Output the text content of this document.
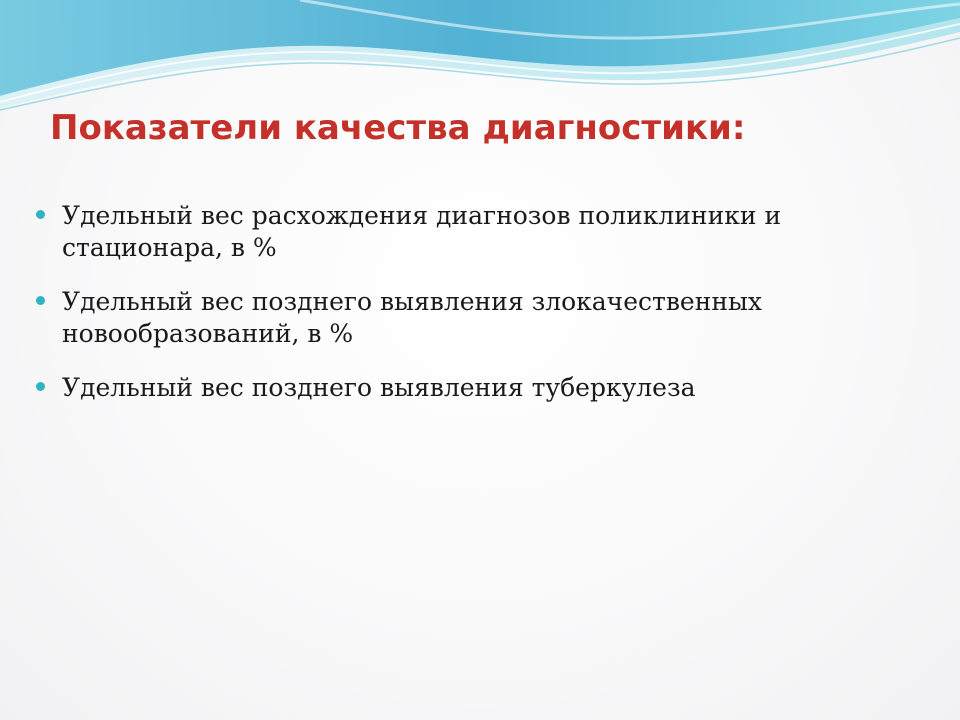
Показатели качества диагностики:
Удельный вес расхождения диагнозов поликлиники и стационара, в %
Удельный вес позднего выявления злокачественных новообразований, в %
Удельный вес позднего выявления туберкулеза
